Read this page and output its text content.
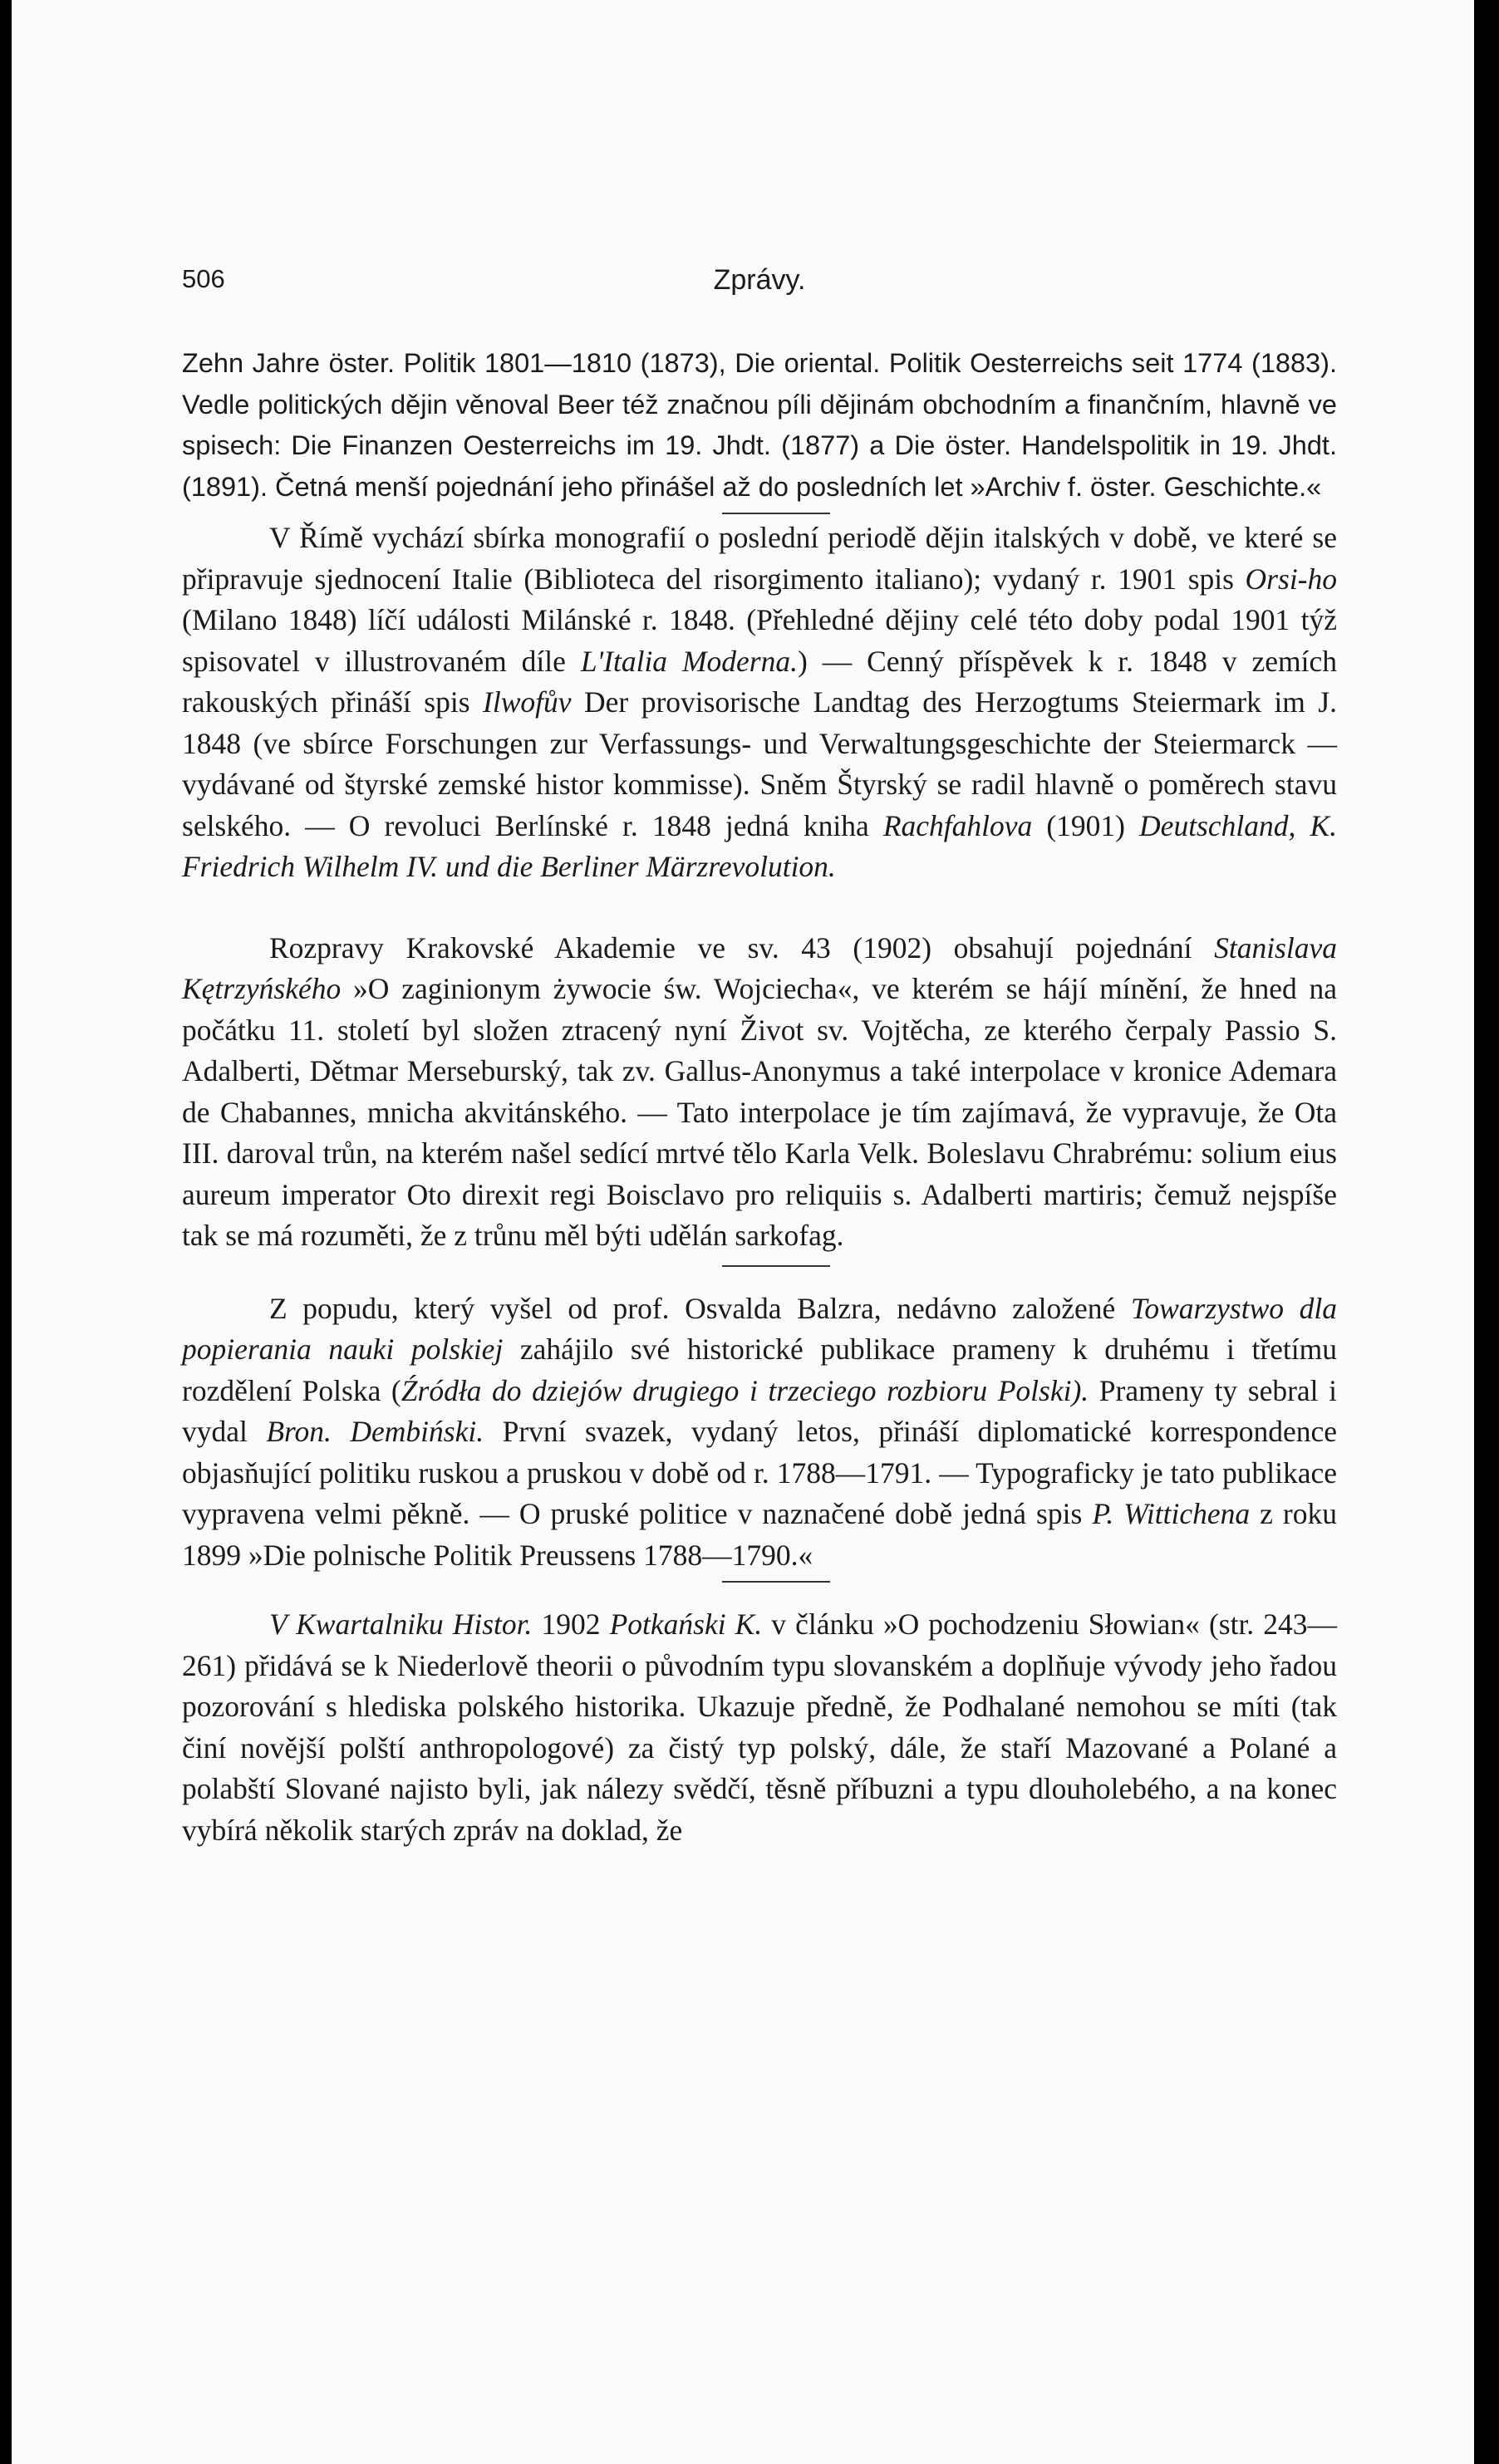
506	Zprávy.

Zehn Jahre öster. Politik 1801—1810 (1873), Die oriental. Politik Oesterreichs seit 1774 (1883). Vedle politických dějin věnoval Beer též značnou píli dějinám obchodním a finančním, hlavně ve spisech: Die Finanzen Oesterreichs im 19. Jhdt. (1877) a Die öster. Handelspolitik in 19. Jhdt. (1891). Četná menší pojednání jeho přinášel až do posledních let »Archiv f. öster. Geschichte.«

V Římě vychází sbírka monografií o poslední periodě dějin italských v době, ve které se připravuje sjednocení Italie (Biblioteca del risorgimento italiano); vydaný r. 1901 spis Orsi-ho (Milano 1848) líčí události Milánské r. 1848. (Přehledné dějiny celé této doby podal 1901 týž spisovatel v illustrovaném díle L'Italia Moderna.) — Cenný příspěvek k r. 1848 v zemích rakouských přináší spis Ilwofův Der provisorische Landtag des Herzogtums Steiermark im J. 1848 (ve sbírce Forschungen zur Verfassungs- und Verwaltungsgeschichte der Steiermarck — vydávané od štyrské zemské histor kommisse). Sněm Štyrský se radil hlavně o poměrech stavu selského. — O revoluci Berlínské r. 1848 jedná kniha Rachfahlova (1901) Deutschland, K. Friedrich Wilhelm IV. und die Berliner Märzrevolution.

Rozpravy Krakovské Akademie ve sv. 43 (1902) obsahují pojednání Stanislava Kętrzyńského »O zaginionym żywocie św. Wojciecha«, ve kterém se hájí mínění, že hned na počátku 11. století byl složen ztracený nyní Život sv. Vojtěcha, ze kterého čerpaly Passio S. Adalberti, Dětmar Merseburský, tak zv. Gallus-Anonymus a také interpolace v kronice Ademara de Chabannes, mnicha akvitánského. — Tato interpolace je tím zajímavá, že vypravuje, že Ota III. daroval trůn, na kterém našel sedící mrtvé tělo Karla Velk. Boleslavu Chrabrému: solium eius aureum imperator Oto direxit regi Boisclavo pro reliquiis s. Adalberti martiris; čemuž nejspíše tak se má rozuměti, že z trůnu měl býti udělán sarkofag.

Z popudu, který vyšel od prof. Osvalda Balzra, nedávno založené Towarzystwo dla popierania nauki polskiej zahájilo své historické publikace prameny k druhému i třetímu rozdělení Polska (Źródła do dziejów drugiego i trzeciego rozbioru Polski). Prameny ty sebral i vydal Bron. Dembiński. První svazek, vydaný letos, přináší diplomatické korrespondence objasňující politiku ruskou a pruskou v době od r. 1788—1791. — Typograficky je tato publikace vypravena velmi pěkně. — O pruské politice v naznačené době jedná spis P. Wittichena z roku 1899 »Die polnische Politik Preussens 1788—1790.«

V Kwartalniku Histor. 1902 Potkański K. v článku »O pochodzeniu Słowian« (str. 243—261) přidává se k Niederlově theorii o původním typu slovanském a doplňuje vývody jeho řadou pozorování s hlediska polského historika. Ukazuje předně, že Podhalané nemohou se míti (tak činí novější polští anthropologové) za čistý typ polský, dále, že staří Mazované a Polané a polabští Slované najisto byli, jak nálezy svědčí, těsně příbuzni a typu dlouholebého, a na konec vybírá několik starých zpráv na doklad, že
